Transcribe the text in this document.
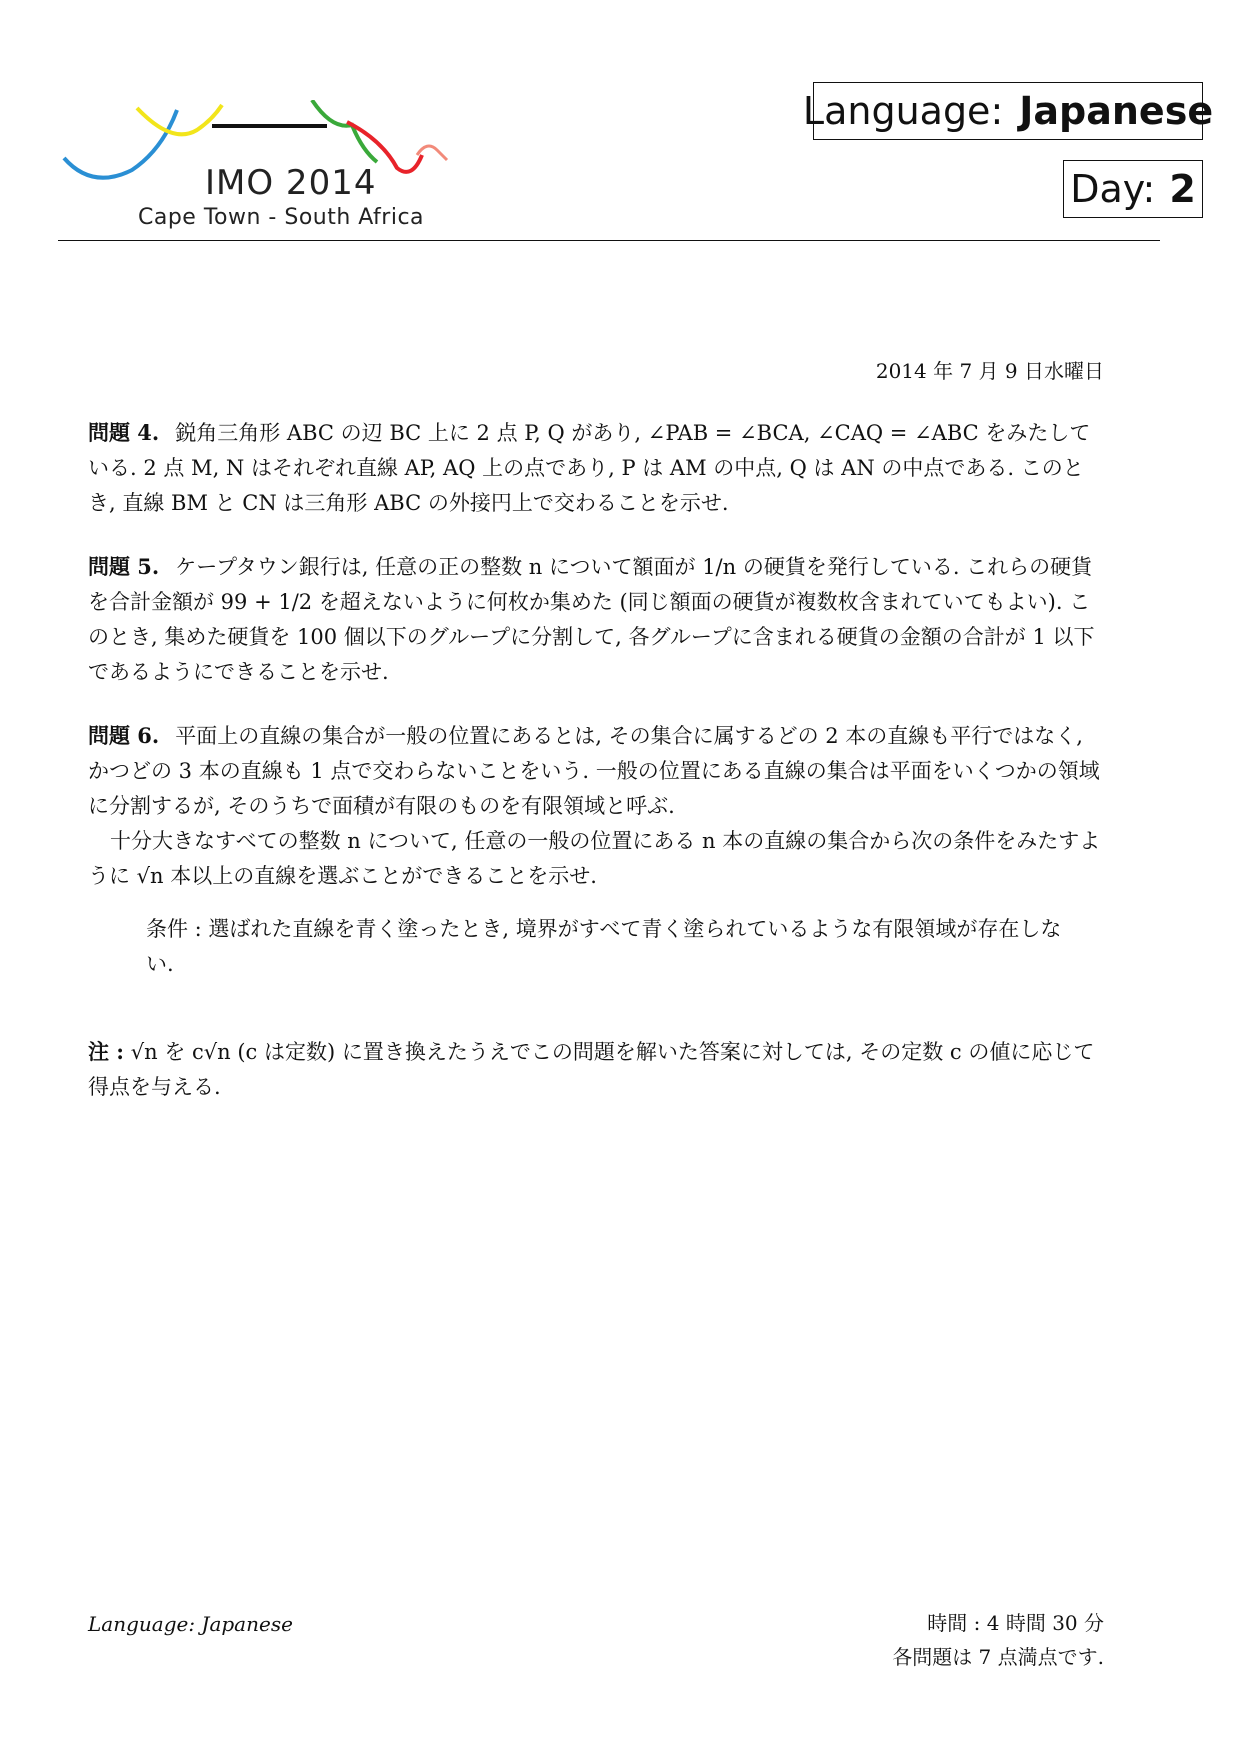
IMO 2014
Cape Town - South Africa
Language: Japanese
Day: 2
2014 年 7 月 9 日水曜日
問題 4. 鋭角三角形 ABC の辺 BC 上に 2 点 P, Q があり, ∠PAB = ∠BCA, ∠CAQ = ∠ABC をみたしている. 2 点 M, N はそれぞれ直線 AP, AQ 上の点であり, P は AM の中点, Q は AN の中点である. このとき, 直線 BM と CN は三角形 ABC の外接円上で交わることを示せ.
問題 5. ケープタウン銀行は, 任意の正の整数 n について額面が 1/n の硬貨を発行している. これらの硬貨を合計金額が 99 + 1/2 を超えないように何枚か集めた (同じ額面の硬貨が複数枚含まれていてもよい). このとき, 集めた硬貨を 100 個以下のグループに分割して, 各グループに含まれる硬貨の金額の合計が 1 以下であるようにできることを示せ.
問題 6. 平面上の直線の集合が一般の位置にあるとは, その集合に属するどの 2 本の直線も平行ではなく, かつどの 3 本の直線も 1 点で交わらないことをいう. 一般の位置にある直線の集合は平面をいくつかの領域に分割するが, そのうちで面積が有限のものを有限領域と呼ぶ.
十分大きなすべての整数 n について, 任意の一般の位置にある n 本の直線の集合から次の条件をみたすように √n 本以上の直線を選ぶことができることを示せ.
条件 : 選ばれた直線を青く塗ったとき, 境界がすべて青く塗られているような有限領域が存在しない.
注 : √n を c√n (c は定数) に置き換えたうえでこの問題を解いた答案に対しては, その定数 c の値に応じて得点を与える.
Language: Japanese	時間 : 4 時間 30 分
各問題は 7 点満点です.
